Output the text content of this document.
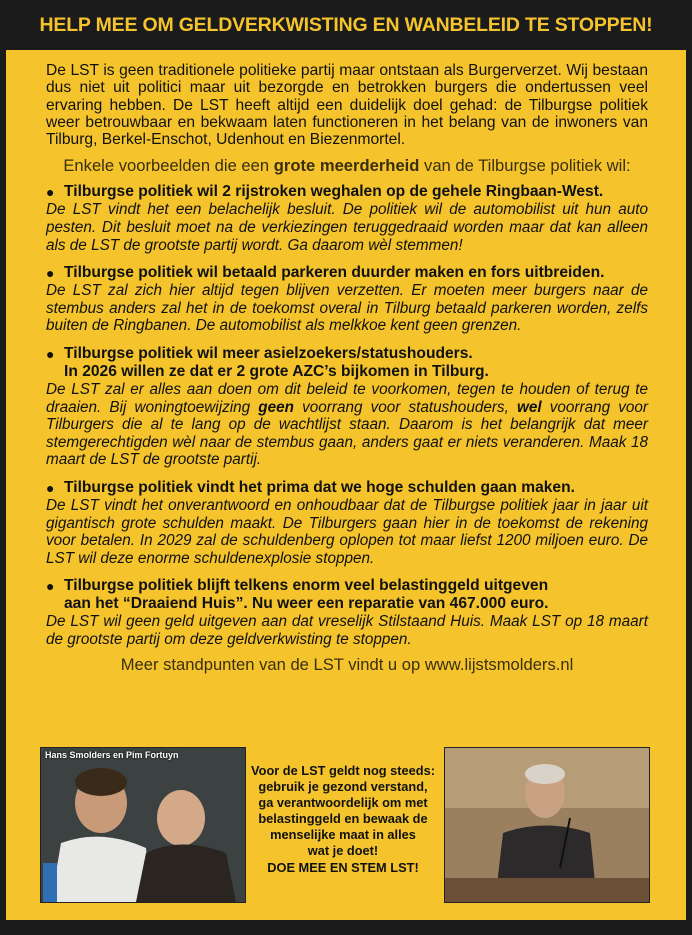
HELP MEE OM GELDVERKWISTING EN WANBELEID TE STOPPEN!

De LST is geen traditionele politieke partij maar ontstaan als Burgerverzet. Wij bestaan dus niet uit politici maar uit bezorgde en betrokken burgers die ondertussen veel ervaring hebben. De LST heeft altijd een duidelijk doel gehad: de Tilburgse politiek weer betrouwbaar en bekwaam laten functioneren in het belang van de inwoners van Tilburg, Berkel-Enschot, Udenhout en Biezenmortel.

Enkele voorbeelden die een grote meerderheid van de Tilburgse politiek wil:
● Tilburgse politiek wil 2 rijstroken weghalen op de gehele Ringbaan-West.

De LST vindt het een belachelijk besluit. De politiek wil de automobilist uit hun auto pesten. Dit besluit moet na de verkiezingen teruggedraaid worden maar dat kan alleen als de LST de grootste partij wordt. Ga daarom wèl stemmen!

● Tilburgse politiek wil betaald parkeren duurder maken en fors uitbreiden.

De LST zal zich hier altijd tegen blijven verzetten. Er moeten meer burgers naar de stembus anders zal het in de toekomst overal in Tilburg betaald parkeren worden, zelfs buiten de Ringbanen. De automobilist als melkkoe kent geen grenzen.

● Tilburgse politiek wil meer asielzoekers/statushouders.
In 2026 willen ze dat er 2 grote AZC’s bijkomen in Tilburg.

De LST zal er alles aan doen om dit beleid te voorkomen, tegen te houden of terug te draaien. Bij woningtoewijzing geen voorrang voor statushouders, wel voorrang voor Tilburgers die al te lang op de wachtlijst staan. Daarom is het belangrijk dat meer stemgerechtigden wèl naar de stembus gaan, anders gaat er niets veranderen. Maak 18 maart de LST de grootste partij.

● Tilburgse politiek vindt het prima dat we hoge schulden gaan maken.

De LST vindt het onverantwoord en onhoudbaar dat de Tilburgse politiek jaar in jaar uit gigantisch grote schulden maakt. De Tilburgers gaan hier in de toekomst de rekening voor betalen. In 2029 zal de schuldenberg oplopen tot maar liefst 1200 miljoen euro. De LST wil deze enorme schuldenexplosie stoppen.

● Tilburgse politiek blijft telkens enorm veel belastinggeld uitgeven
aan het “Draaiend Huis”. Nu weer een reparatie van 467.000 euro.

De LST wil geen geld uitgeven aan dat vreselijk Stilstaand Huis. Maak LST op 18 maart de grootste partij om deze geldverkwisting te stoppen.

Meer standpunten van de LST vindt u op www.lijstsmolders.nl
Hans Smolders en Pim Fortuyn
Voor de LST geldt nog steeds:
gebruik je gezond verstand,
ga verantwoordelijk om met
belastinggeld en bewaak de
menselijke maat in alles
wat je doet!
DOE MEE EN STEM LST!
